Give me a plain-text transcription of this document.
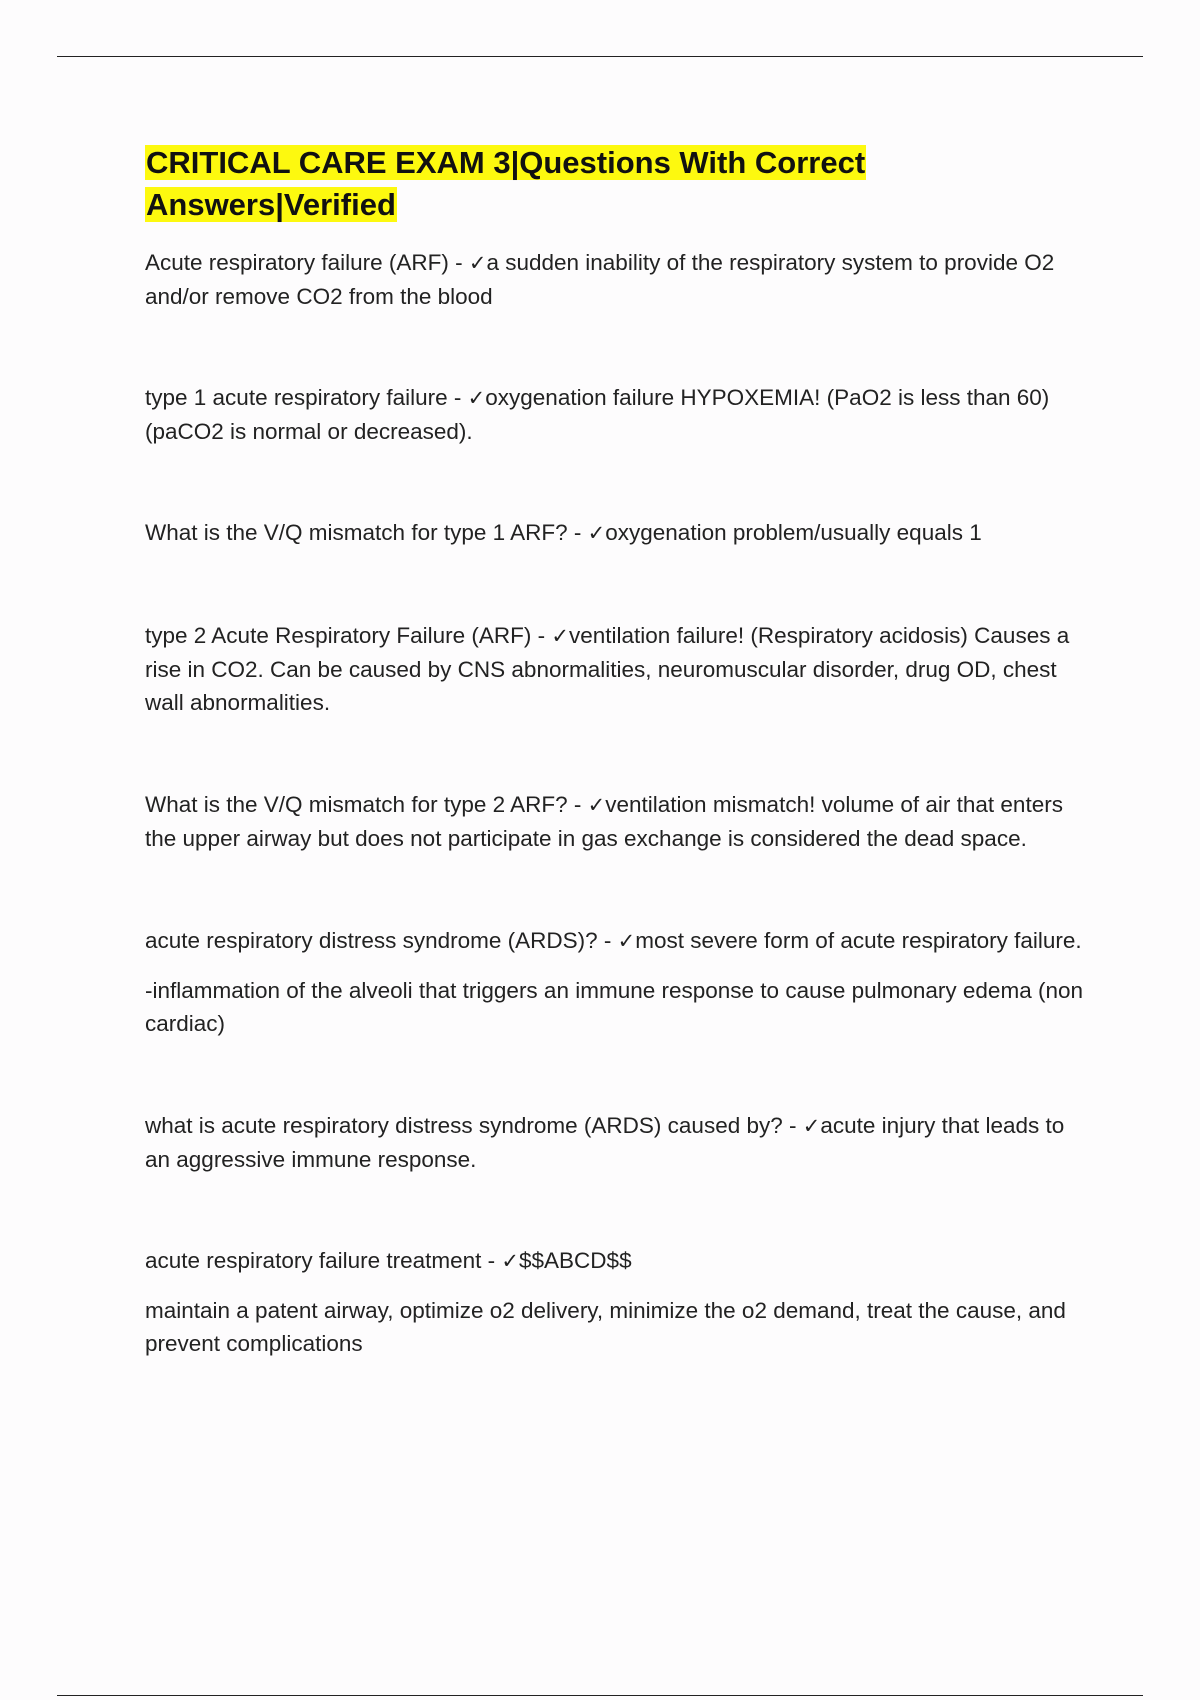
CRITICAL CARE EXAM 3|Questions With Correct
Answers|Verified

Acute respiratory failure (ARF) - ✓a sudden inability of the respiratory system to provide O2 and/or remove CO2 from the blood

type 1 acute respiratory failure - ✓oxygenation failure HYPOXEMIA! (PaO2 is less than 60) (paCO2 is normal or decreased).

What is the V/Q mismatch for type 1 ARF? - ✓oxygenation problem/usually equals 1

type 2 Acute Respiratory Failure (ARF) - ✓ventilation failure! (Respiratory acidosis) Causes a rise in CO2. Can be caused by CNS abnormalities, neuromuscular disorder, drug OD, chest wall abnormalities.

What is the V/Q mismatch for type 2 ARF? - ✓ventilation mismatch! volume of air that enters the upper airway but does not participate in gas exchange is considered the dead space.

acute respiratory distress syndrome (ARDS)? - ✓most severe form of acute respiratory failure.

-inflammation of the alveoli that triggers an immune response to cause pulmonary edema (non cardiac)

what is acute respiratory distress syndrome (ARDS) caused by? - ✓acute injury that leads to an aggressive immune response.

acute respiratory failure treatment - ✓$$ABCD$$

maintain a patent airway, optimize o2 delivery, minimize the o2 demand, treat the cause, and prevent complications
